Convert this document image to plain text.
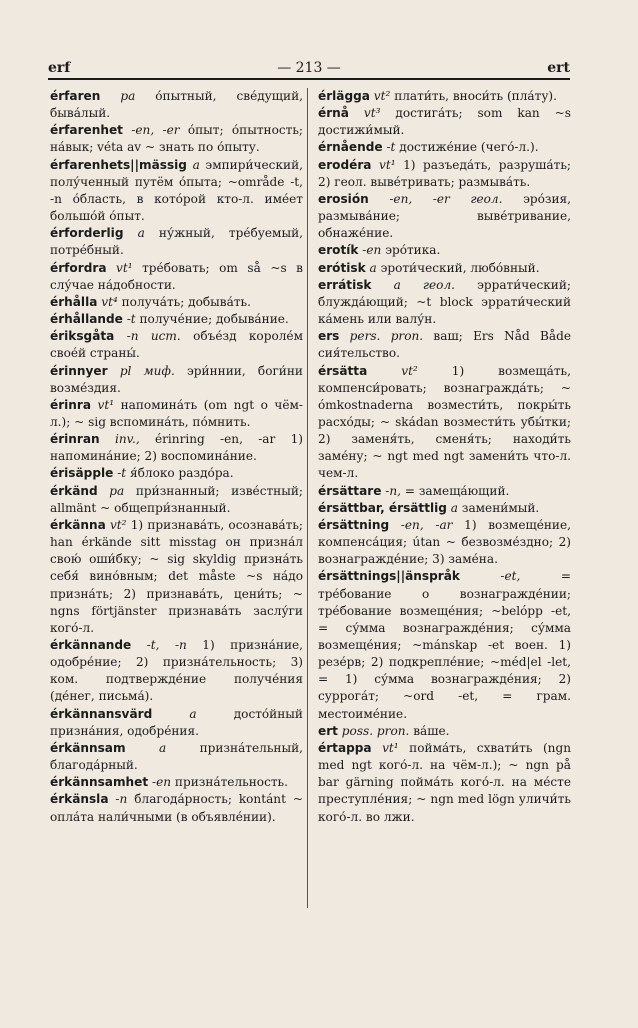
erf	— 213 —	ert

érfaren pa о́пытный, све́дущий, быва́лый.

érfarenhet -en, -er о́пыт; о́пытность; на́вык; véta av ~ знать по о́пыту.

érfarenhets||mässig a эмпири́ческий, полу́ченный путём о́пыта; ~område -t, -n о́бласть, в кото́рой кто-л. име́ет большо́й о́пыт.

érforderlig a ну́жный, тре́буемый, потре́бный.

érfordra vt¹ тре́бовать; om så ~s в слу́чае на́добности.

érhålla vt⁴ получа́ть; добыва́ть.

érhållande -t получе́ние; добыва́ние.

ériksgåta -n ист. объе́зд короле́м свое́й страны́.

érinnyer pl миф. эри́ннии, боги́ни возме́здия.

érinra vt¹ напомина́ть (om ngt о чём-л.); ~ sig вспомина́ть, по́мнить.

érinran inv., érinring -en, -ar 1) напомина́ние; 2) воспомина́ние.

érisäpple -t я́блоко раздо́ра.

érkänd pa при́знанный; изве́стный; allmänt ~ общепри́знанный.

érkänna vt² 1) признава́ть, осознава́ть; han érkände sitt misstag он призна́л свою́ оши́бку; ~ sig skyldig призна́ть себя́ вино́вным; det måste ~s на́до призна́ть; 2) признава́ть, цени́ть; ~ ngns förtjänster признава́ть заслу́ги кого́-л.

érkännande -t, -n 1) призна́ние, одобре́ние; 2) призна́тельность; 3) ком. подтвержде́ние получе́ния (де́нег, письма́).

érkännansvärd a досто́йный призна́ния, одобре́ния.

érkännsam a призна́тельный, благода́рный.

érkännsamhet -en призна́тельность.

érkänsla -n благода́рность; kontánt ~ опла́та нали́чными (в объявле́нии).

érlägga vt² плати́ть, вноси́ть (пла́ту).

érnå vt³ достига́ть; som kan ~s достижи́мый.

érnående -t достиже́ние (чего́-л.).

erodéra vt¹ 1) разъеда́ть, разруша́ть; 2) геол. выве́тривать; размыва́ть.

erosión -en, -er геол. эро́зия, размыва́ние; выве́тривание, обнаже́ние.

erotík -en эро́тика.

erótisk a эроти́ческий, любо́вный.

errátisk a геол. эррати́ческий; блужда́ющий; ~t block эррати́ческий ка́мень или валу́н.

ers pers. pron. ваш; Ers Nåd Både сия́тельство.

érsätta vt² 1) возмеща́ть, компенси́ровать; вознагражда́ть; ~ ómkostnaderna возмести́ть, покры́ть расхо́ды; ~ skádan возмести́ть убы́тки; 2) заменя́ть, сменя́ть; находи́ть заме́ну; ~ ngt med ngt замени́ть что-л. чем-л.

érsättare -n, = замеща́ющий.

érsättbar, érsättlig a замени́мый.

érsättning -en, -ar 1) возмеще́ние, компенса́ция; útan ~ безвозме́здно; 2) вознагражде́ние; 3) заме́на.

érsättnings||änspråk -et, = тре́бование о вознагражде́нии; тре́бование возмеще́ния; ~belópp -et, = су́мма вознагражде́ния; су́мма возмеще́ния; ~mánskap -et воен. 1) резе́рв; 2) подкрепле́ние; ~méd|el -let, = 1) су́мма вознагражде́ния; 2) суррога́т; ~ord -et, = грам. местоиме́ние.

ert poss. pron. ва́ше.

értappa vt¹ пойма́ть, схвати́ть (ngn med ngt кого́-л. на чём-л.); ~ ngn på bar gärning пойма́ть кого́-л. на ме́сте преступле́ния; ~ ngn med lögn уличи́ть кого́-л. во лжи.
